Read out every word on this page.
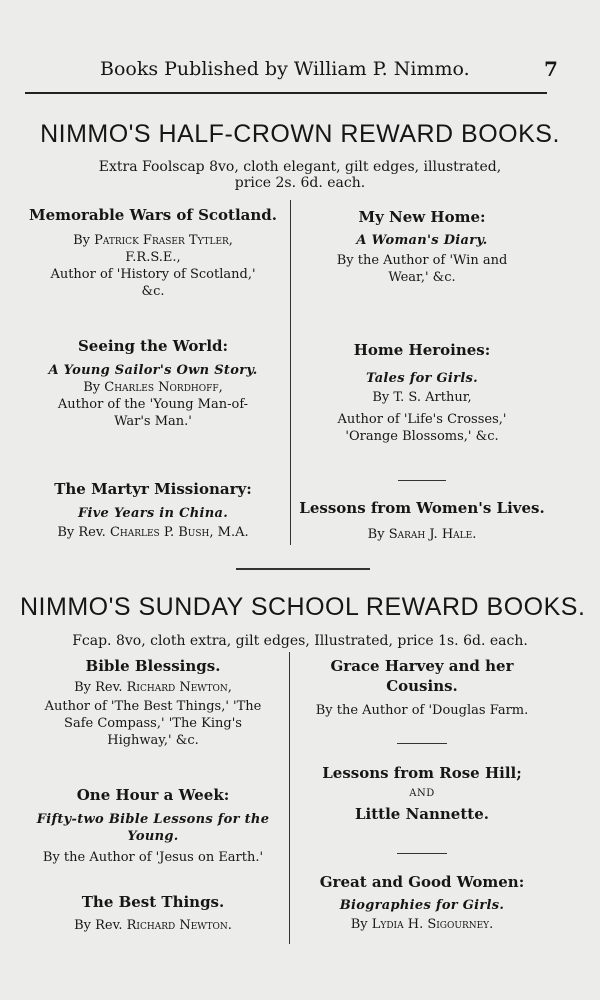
Books Published by William P. Nimmo.	7
NIMMO'S HALF-CROWN REWARD BOOKS.
Extra Foolscap 8vo, cloth elegant, gilt edges, illustrated,
price 2s. 6d. each.
Memorable Wars of Scotland.
By Patrick Fraser Tytler,
F.R.S.E.,
Author of 'History of Scotland,'
&c.
Seeing the World:
A Young Sailor's Own Story.
By Charles Nordhoff,
Author of the 'Young Man-of-
War's Man.'
The Martyr Missionary:
Five Years in China.
By Rev. Charles P. Bush, M.A.
My New Home:
A Woman's Diary.
By the Author of 'Win and
Wear,' &c.
Home Heroines:
Tales for Girls.
By T. S. Arthur,
Author of 'Life's Crosses,'
'Orange Blossoms,' &c.
Lessons from Women's Lives.
By Sarah J. Hale.
NIMMO'S SUNDAY SCHOOL REWARD BOOKS.
Fcap. 8vo, cloth extra, gilt edges, Illustrated, price 1s. 6d. each.
Bible Blessings.
By Rev. Richard Newton,
Author of 'The Best Things,' 'The
Safe Compass,' 'The King's
Highway,' &c.
One Hour a Week:
Fifty-two Bible Lessons for the
Young.
By the Author of 'Jesus on Earth.'
The Best Things.
By Rev. Richard Newton.
Grace Harvey and her
Cousins.
By the Author of 'Douglas Farm.
Lessons from Rose Hill;
AND
Little Nannette.
Great and Good Women:
Biographies for Girls.
By Lydia H. Sigourney.
